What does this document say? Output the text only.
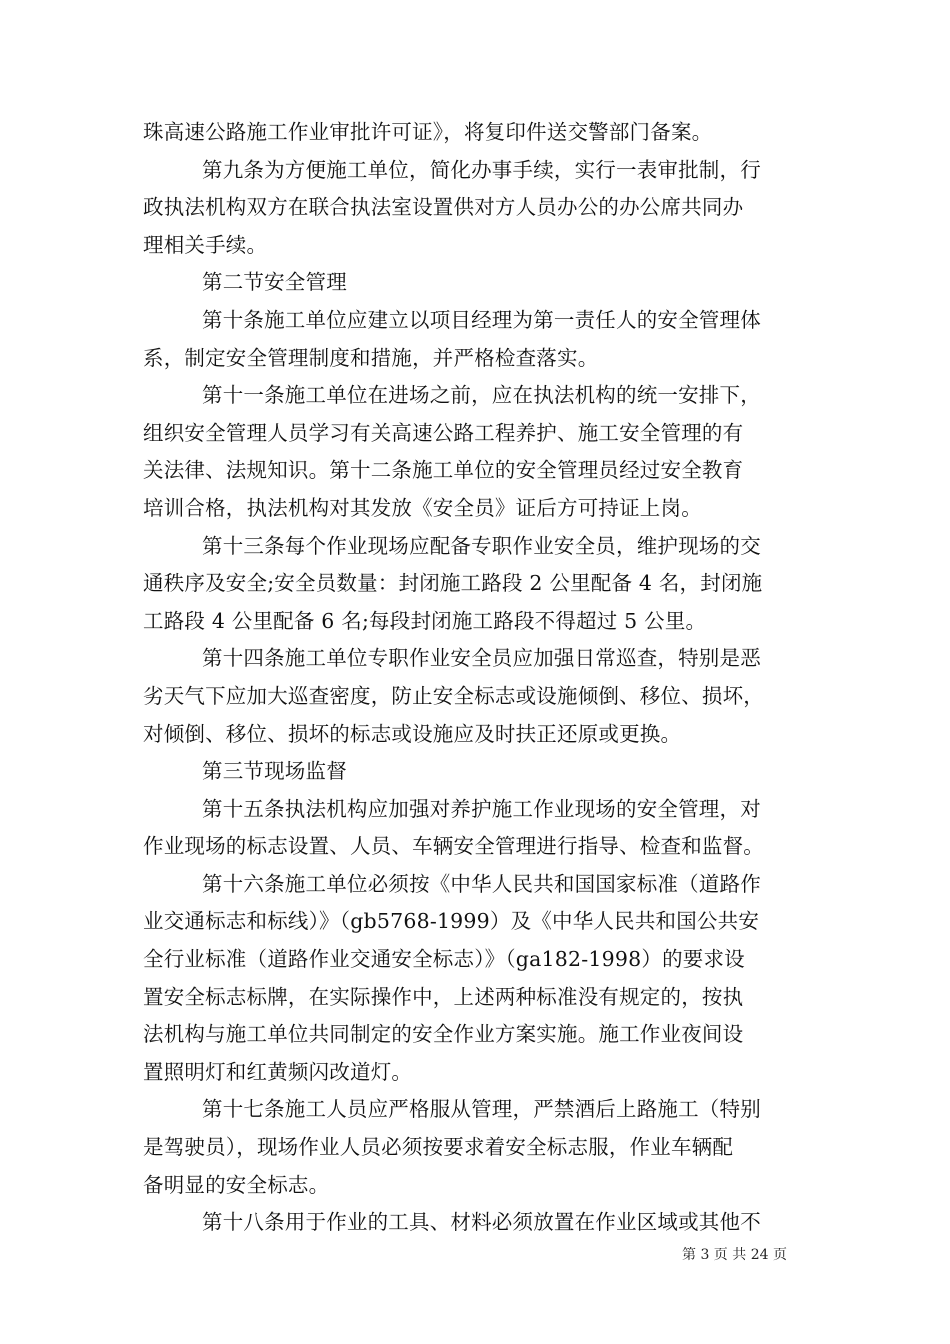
珠高速公路施工作业审批许可证》，将复印件送交警部门备案。
第九条为方便施工单位，简化办事手续，实行一表审批制，行
政执法机构双方在联合执法室设置供对方人员办公的办公席共同办
理相关手续。
第二节安全管理
第十条施工单位应建立以项目经理为第一责任人的安全管理体
系，制定安全管理制度和措施，并严格检查落实。
第十一条施工单位在进场之前，应在执法机构的统一安排下，
组织安全管理人员学习有关高速公路工程养护、施工安全管理的有
关法律、法规知识。第十二条施工单位的安全管理员经过安全教育
培训合格，执法机构对其发放《安全员》证后方可持证上岗。
第十三条每个作业现场应配备专职作业安全员，维护现场的交
通秩序及安全;安全员数量：封闭施工路段 2 公里配备 4 名，封闭施
工路段 4 公里配备 6 名;每段封闭施工路段不得超过 5 公里。
第十四条施工单位专职作业安全员应加强日常巡查，特别是恶
劣天气下应加大巡查密度，防止安全标志或设施倾倒、移位、损坏，
对倾倒、移位、损坏的标志或设施应及时扶正还原或更换。
第三节现场监督
第十五条执法机构应加强对养护施工作业现场的安全管理，对
作业现场的标志设置、人员、车辆安全管理进行指导、检查和监督。
第十六条施工单位必须按《中华人民共和国国家标准（道路作
业交通标志和标线）》（gb5768-1999）及《中华人民共和国公共安
全行业标准（道路作业交通安全标志）》（ga182-1998）的要求设
置安全标志标牌，在实际操作中，上述两种标准没有规定的，按执
法机构与施工单位共同制定的安全作业方案实施。施工作业夜间设
置照明灯和红黄频闪改道灯。
第十七条施工人员应严格服从管理，严禁酒后上路施工（特别
是驾驶员），现场作业人员必须按要求着安全标志服，作业车辆配
备明显的安全标志。
第十八条用于作业的工具、材料必须放置在作业区域或其他不
第 3 页 共 24 页
